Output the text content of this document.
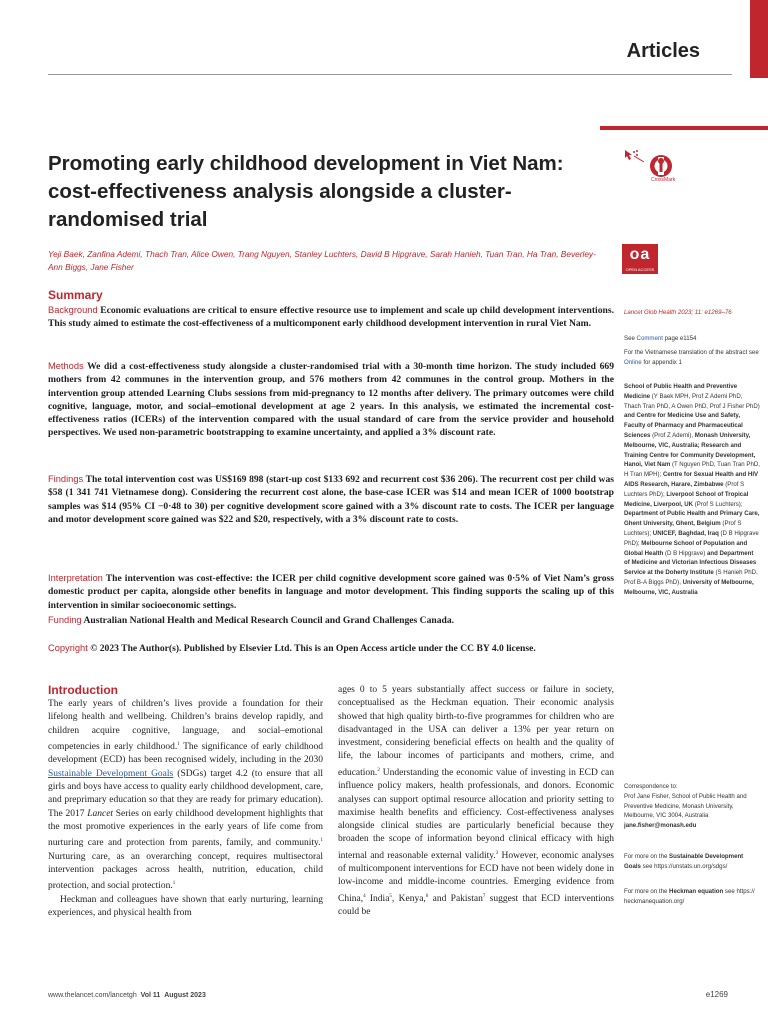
Articles
Promoting early childhood development in Viet Nam: cost-effectiveness analysis alongside a cluster-randomised trial
CrossMark
oa
OPEN ACCESS
Yeji Baek, Zanfina Ademi, Thach Tran, Alice Owen, Trang Nguyen, Stanley Luchters, David B Hipgrave, Sarah Hanieh, Tuan Tran, Ha Tran, Beverley-Ann Biggs, Jane Fisher
Summary

Background Economic evaluations are critical to ensure effective resource use to implement and scale up child development interventions. This study aimed to estimate the cost-effectiveness of a multicomponent early childhood development intervention in rural Viet Nam.

Methods We did a cost-effectiveness study alongside a cluster-randomised trial with a 30-month time horizon. The study included 669 mothers from 42 communes in the intervention group, and 576 mothers from 42 communes in the control group. Mothers in the intervention group attended Learning Clubs sessions from mid-pregnancy to 12 months after delivery. The primary outcomes were child cognitive, language, motor, and social–emotional development at age 2 years. In this analysis, we estimated the incremental cost-effectiveness ratios (ICERs) of the intervention compared with the usual standard of care from the service provider and household perspectives. We used non-parametric bootstrapping to examine uncertainty, and applied a 3% discount rate.

Findings The total intervention cost was US$169 898 (start-up cost $133 692 and recurrent cost $36 206). The recurrent cost per child was $58 (1 341 741 Vietnamese dong). Considering the recurrent cost alone, the base-case ICER was $14 and mean ICER of 1000 bootstrap samples was $14 (95% CI −0·48 to 30) per cognitive development score gained with a 3% discount rate to costs. The ICER per language and motor development score gained was $22 and $20, respectively, with a 3% discount rate to costs.

Interpretation The intervention was cost-effective: the ICER per child cognitive development score gained was 0·5% of Viet Nam’s gross domestic product per capita, alongside other benefits in language and motor development. This finding supports the scaling up of this intervention in similar socioeconomic settings.

Funding Australian National Health and Medical Research Council and Grand Challenges Canada.

Copyright © 2023 The Author(s). Published by Elsevier Ltd. This is an Open Access article under the CC BY 4.0 license.

Introduction

The early years of children’s lives provide a foundation for their lifelong health and wellbeing. Children’s brains develop rapidly, and children acquire cognitive, language, and social–emotional competencies in early childhood.$^1$ The significance of early childhood development (ECD) has been recognised widely, including in the 2030 Sustainable Development Goals (SDGs) target 4.2 (to ensure that all girls and boys have access to quality early childhood development, care, and preprimary education so that they are ready for primary education). The 2017 Lancet Series on early childhood development highlights that the most promotive experiences in the early years of life come from nurturing care and protection from parents, family, and community.$^1$ Nurturing care, as an overarching concept, requires multisectoral intervention packages across health, nutrition, education, child protection, and social protection.$^1$

Heckman and colleagues have shown that early nurturing, learning experiences, and physical health from

ages 0 to 5 years substantially affect success or failure in society, conceptualised as the Heckman equation. Their economic analysis showed that high quality birth-to-five programmes for children who are disadvantaged in the USA can deliver a 13% per year return on investment, considering beneficial effects on health and the quality of life, the labour incomes of participants and mothers, crime, and education.$^2$ Understanding the economic value of investing in ECD can influence policy makers, health professionals, and donors. Economic analyses can support optimal resource allocation and priority setting to maximise health benefits and efficiency. Cost-effectiveness analyses alongside clinical studies are particularly beneficial because they broaden the scope of information beyond clinical efficacy with high internal and reasonable external validity.$^3$ However, economic analyses of multicomponent interventions for ECD have not been widely done in low-income and middle-income countries. Emerging evidence from China,$^4$ India$^5$, Kenya,$^6$ and Pakistan$^7$ suggest that ECD interventions could be

Lancet Glob Health 2023; 11: e1269–76
See Comment page e1154
For the Vietnamese translation of the abstract see Online for appendix 1
School of Public Health and Preventive Medicine (Y Baek MPH, Prof Z Ademi PhD, Thach Tran PhD, A Owen PhD, Prof J Fisher PhD) and Centre for Medicine Use and Safety, Faculty of Pharmacy and Pharmaceutical Sciences (Prof Z Ademi), Monash University, Melbourne, VIC, Australia; Research and Training Centre for Community Development, Hanoi, Viet Nam (T Nguyen PhD, Tuan Tran PhD, H Tran MPH); Centre for Sexual Health and HIV AIDS Research, Harare, Zimbabwe (Prof S Luchters PhD); Liverpool School of Tropical Medicine, Liverpool, UK (Prof S Luchters); Department of Public Health and Primary Care, Ghent University, Ghent, Belgium (Prof S Luchters); UNICEF, Baghdad, Iraq (D B Hipgrave PhD); Melbourne School of Population and Global Health (D B Hipgrave) and Department of Medicine and Victorian Infectious Diseases Service at the Doherty Institute (S Hanieh PhD, Prof B-A Biggs PhD), University of Melbourne, Melbourne, VIC, Australia
Correspondence to:
Prof Jane Fisher, School of Public Health and Preventive Medicine, Monash University, Melbourne, VIC 3004, Australia
jane.fisher@monash.edu
For more on the Sustainable Development Goals see https://unstats.un.org/sdgs/
For more on the Heckman equation see https:// heckmanequation.org/
www.thelancet.com/lancetgh Vol 11 August 2023	e1269
